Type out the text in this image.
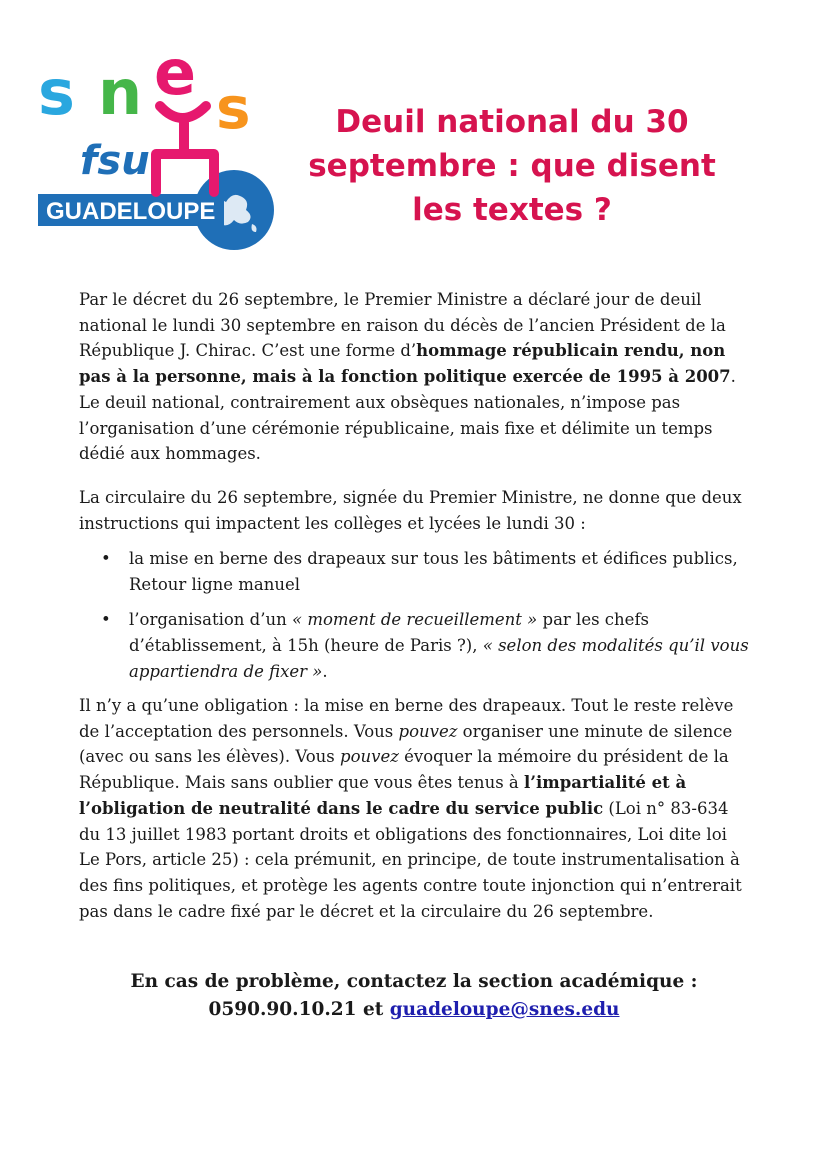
GUADELOUPE
s n e s
fsu
Deuil national du 30 septembre : que disent les textes ?

Par le décret du 26 septembre, le Premier Ministre a déclaré jour de deuil national le lundi 30 septembre en raison du décès de l’ancien Président de la République J. Chirac. C’est une forme d’hommage républicain rendu, non pas à la personne, mais à la fonction politique exercée de 1995 à 2007. Le deuil national, contrairement aux obsèques nationales, n’impose pas l’organisation d’une cérémonie républicaine, mais fixe et délimite un temps dédié aux hommages.

La circulaire du 26 septembre, signée du Premier Ministre, ne donne que deux instructions qui impactent les collèges et lycées le lundi 30 :

• la mise en berne des drapeaux sur tous les bâtiments et édifices publics, Retour ligne manuel
• l’organisation d’un « moment de recueillement » par les chefs d’établissement, à 15h (heure de Paris ?), « selon des modalités qu’il vous appartiendra de fixer ».

Il n’y a qu’une obligation : la mise en berne des drapeaux. Tout le reste relève de l’acceptation des personnels. Vous pouvez organiser une minute de silence (avec ou sans les élèves). Vous pouvez évoquer la mémoire du président de la République. Mais sans oublier que vous êtes tenus à l’impartialité et à l’obligation de neutralité dans le cadre du service public (Loi n° 83-634 du 13 juillet 1983 portant droits et obligations des fonctionnaires, Loi dite loi Le Pors, article 25) : cela prémunit, en principe, de toute instrumentalisation à des fins politiques, et protège les agents contre toute injonction qui n’entrerait pas dans le cadre fixé par le décret et la circulaire du 26 septembre.

En cas de problème, contactez la section académique :
0590.90.10.21 et guadeloupe@snes.edu
